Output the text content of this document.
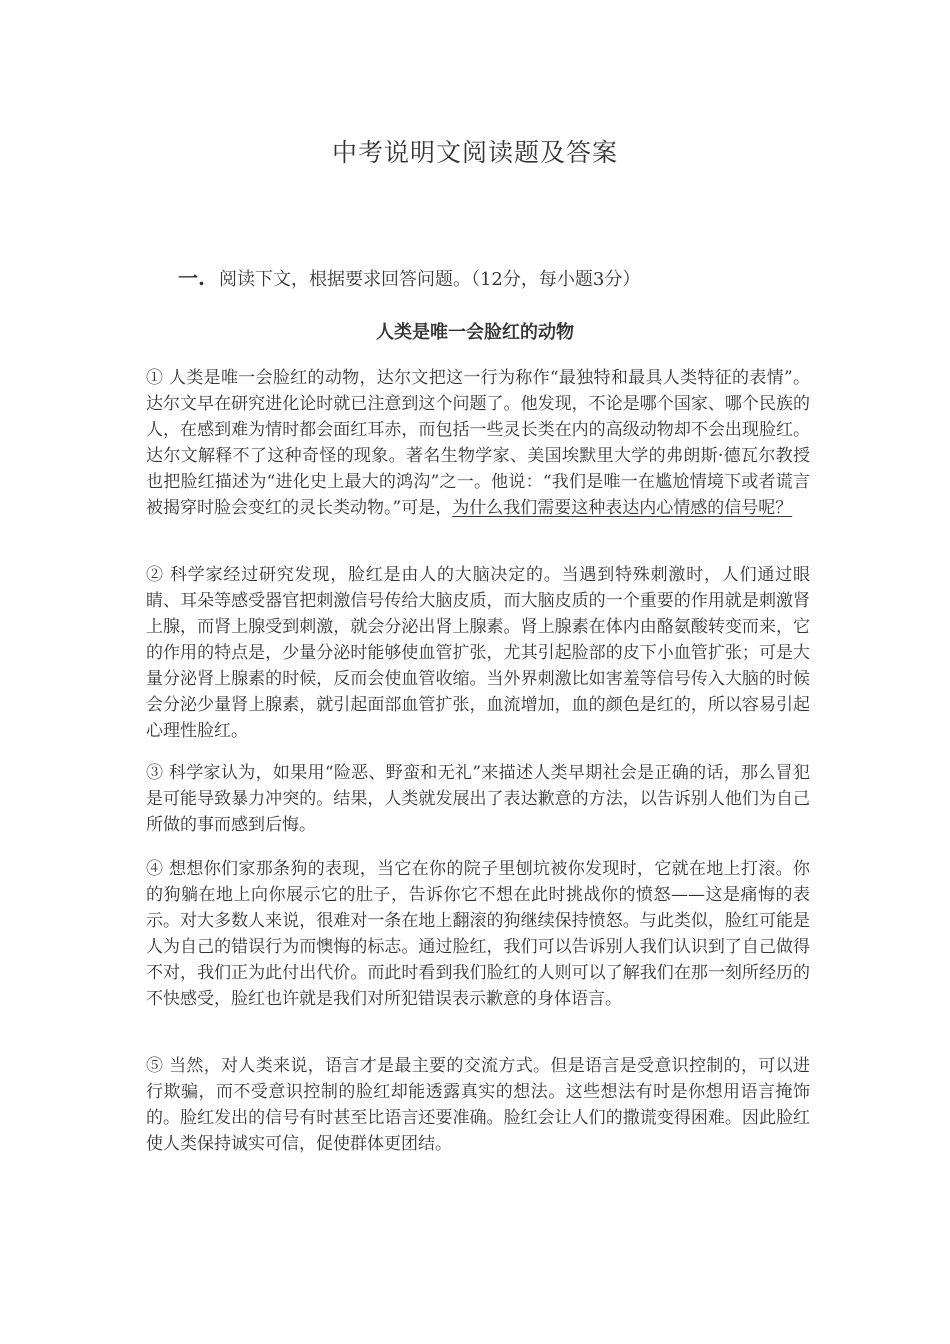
中考说明文阅读题及答案
一. 阅读下文，根据要求回答问题。（12分，每小题3分）
人类是唯一会脸红的动物

① 人类是唯一会脸红的动物，达尔文把这一行为称作“最独特和最具人类特征的表情”。达尔文早在研究进化论时就已注意到这个问题了。他发现，不论是哪个国家、哪个民族的人，在感到难为情时都会面红耳赤，而包括一些灵长类在内的高级动物却不会出现脸红。达尔文解释不了这种奇怪的现象。著名生物学家、美国埃默里大学的弗朗斯·德瓦尔教授也把脸红描述为“进化史上最大的鸿沟”之一。他说：“我们是唯一在尴尬情境下或者谎言被揭穿时脸会变红的灵长类动物。”可是，为什么我们需要这种表达内心情感的信号呢？

② 科学家经过研究发现，脸红是由人的大脑决定的。当遇到特殊刺激时，人们通过眼睛、耳朵等感受器官把刺激信号传给大脑皮质，而大脑皮质的一个重要的作用就是刺激肾上腺，而肾上腺受到刺激，就会分泌出肾上腺素。肾上腺素在体内由酪氨酸转变而来，它的作用的特点是，少量分泌时能够使血管扩张，尤其引起脸部的皮下小血管扩张；可是大量分泌肾上腺素的时候，反而会使血管收缩。当外界刺激比如害羞等信号传入大脑的时候会分泌少量肾上腺素，就引起面部血管扩张，血流增加，血的颜色是红的，所以容易引起心理性脸红。

③ 科学家认为，如果用“险恶、野蛮和无礼”来描述人类早期社会是正确的话，那么冒犯是可能导致暴力冲突的。结果，人类就发展出了表达歉意的方法，以告诉别人他们为自己所做的事而感到后悔。

④ 想想你们家那条狗的表现，当它在你的院子里刨坑被你发现时，它就在地上打滚。你的狗躺在地上向你展示它的肚子，告诉你它不想在此时挑战你的愤怒——这是痛悔的表示。对大多数人来说，很难对一条在地上翻滚的狗继续保持愤怒。与此类似，脸红可能是人为自己的错误行为而懊悔的标志。通过脸红，我们可以告诉别人我们认识到了自己做得不对，我们正为此付出代价。而此时看到我们脸红的人则可以了解我们在那一刻所经历的不快感受，脸红也许就是我们对所犯错误表示歉意的身体语言。

⑤ 当然，对人类来说，语言才是最主要的交流方式。但是语言是受意识控制的，可以进行欺骗，而不受意识控制的脸红却能透露真实的想法。这些想法有时是你想用语言掩饰的。脸红发出的信号有时甚至比语言还要准确。脸红会让人们的撒谎变得困难。因此脸红使人类保持诚实可信，促使群体更团结。
